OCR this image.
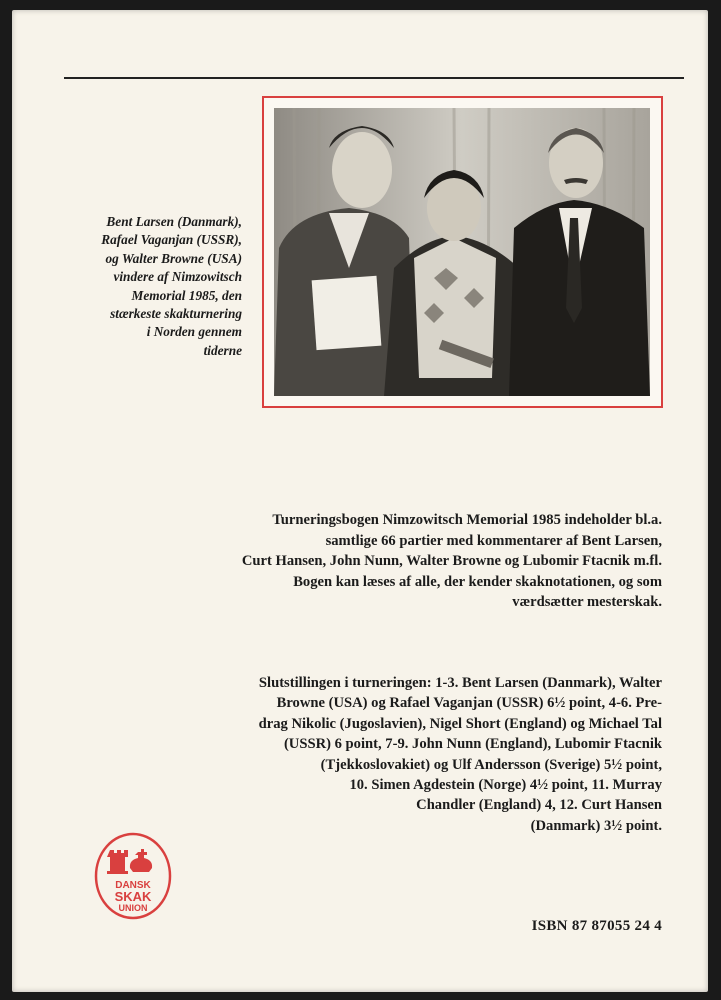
Bent Larsen (Danmark),
Rafael Vaganjan (USSR),
og Walter Browne (USA)
vindere af Nimzowitsch
Memorial 1985, den
stærkeste skakturnering
i Norden gennem
tiderne
Turneringsbogen Nimzowitsch Memorial 1985 indeholder bl.a.
samtlige 66 partier med kommentarer af Bent Larsen,
Curt Hansen, John Nunn, Walter Browne og Lubomir Ftacnik m.fl.
Bogen kan læses af alle, der kender skaknotationen, og som
værdsætter mesterskak.
Slutstillingen i turneringen: 1-3. Bent Larsen (Danmark), Walter
Browne (USA) og Rafael Vaganjan (USSR) 6½ point, 4-6. Pre-
drag Nikolic (Jugoslavien), Nigel Short (England) og Michael Tal
(USSR) 6 point, 7-9. John Nunn (England), Lubomir Ftacnik
(Tjekkoslovakiet) og Ulf Andersson (Sverige) 5½ point,
10. Simen Agdestein (Norge) 4½ point, 11. Murray
Chandler (England) 4, 12. Curt Hansen
(Danmark) 3½ point.
DANSK
SKAK
UNION
ISBN 87 87055 24 4
